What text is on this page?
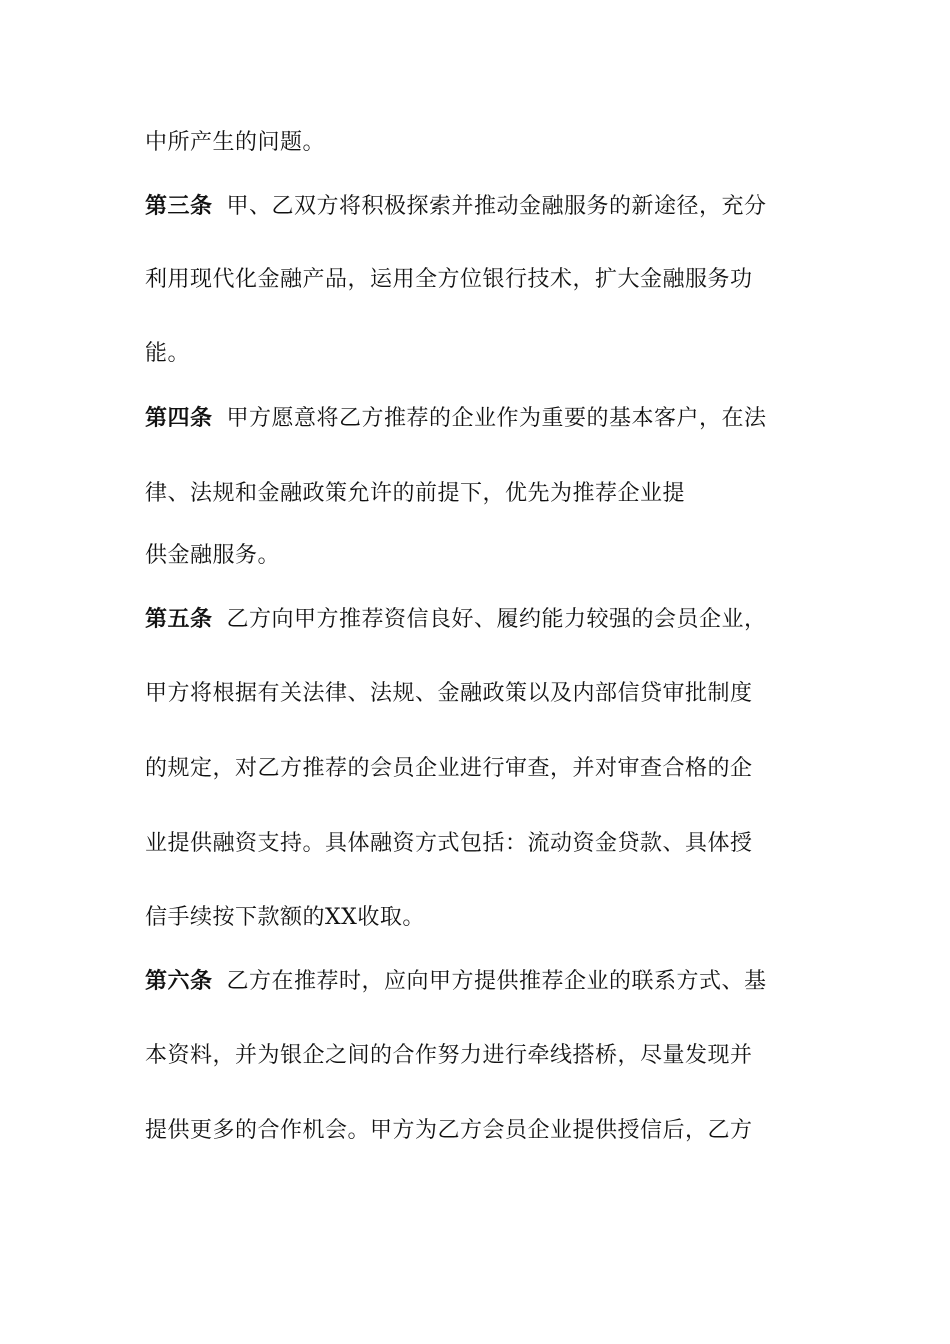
中所产生的问题。
第三条 甲、乙双方将积极探索并推动金融服务的新途径，充分
利用现代化金融产品，运用全方位银行技术，扩大金融服务功
能。
第四条 甲方愿意将乙方推荐的企业作为重要的基本客户，在法
律、法规和金融政策允许的前提下，优先为推荐企业提
供金融服务。
第五条 乙方向甲方推荐资信良好、履约能力较强的会员企业，
甲方将根据有关法律、法规、金融政策以及内部信贷审批制度
的规定，对乙方推荐的会员企业进行审查，并对审查合格的企
业提供融资支持。具体融资方式包括：流动资金贷款、具体授
信手续按下款额的XX收取。
第六条 乙方在推荐时，应向甲方提供推荐企业的联系方式、基
本资料，并为银企之间的合作努力进行牵线搭桥，尽量发现并
提供更多的合作机会。甲方为乙方会员企业提供授信后，乙方
